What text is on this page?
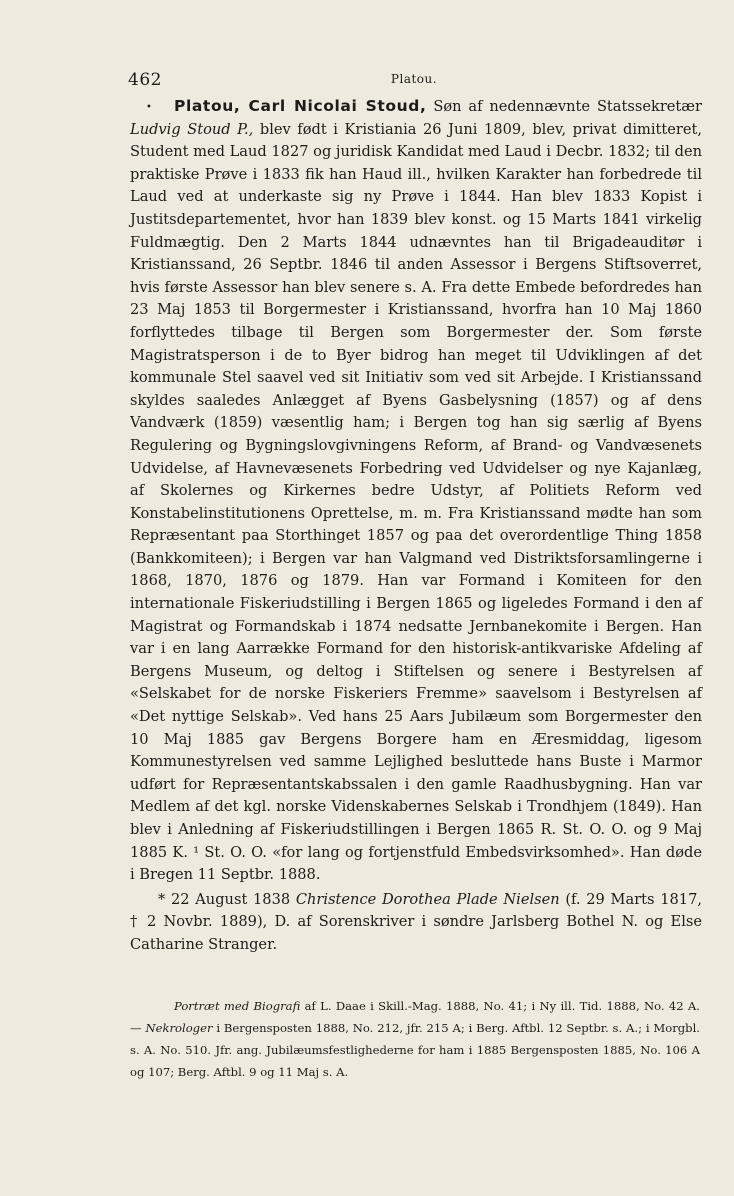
462	Platou.
•	Platou, Carl Nicolai Stoud, Søn af nedennævnte Statssekretær Ludvig Stoud P., blev født i Kristiania 26 Juni 1809, blev, privat dimitteret, Student med Laud 1827 og juridisk Kandidat med Laud i Decbr. 1832; til den praktiske Prøve i 1833 fik han Haud ill., hvilken Karakter han forbedrede til Laud ved at underkaste sig ny Prøve i 1844. Han blev 1833 Kopist i Justitsdepartementet, hvor han 1839 blev konst. og 15 Marts 1841 virkelig Fuldmægtig. Den 2 Marts 1844 udnævntes han til Brigadeauditør i Kristianssand, 26 Septbr. 1846 til anden Assessor i Bergens Stiftsoverret, hvis første Assessor han blev senere s. A. Fra dette Embede befordredes han 23 Maj 1853 til Borgermester i Kristianssand, hvorfra han 10 Maj 1860 forflyttedes tilbage til Bergen som Borgermester der. Som første Magistratsperson i de to Byer bidrog han meget til Udviklingen af det kommunale Stel saavel ved sit Initiativ som ved sit Arbejde. I Kristianssand skyldes saaledes Anlægget af Byens Gasbelysning (1857) og af dens Vandværk (1859) væsentlig ham; i Bergen tog han sig særlig af Byens Regulering og Bygningslovgivningens Reform, af Brand- og Vandvæsenets Udvidelse, af Havnevæsenets Forbedring ved Udvidelser og nye Kajanlæg, af Skolernes og Kirkernes bedre Udstyr, af Politiets Reform ved Konstabelinstitutionens Oprettelse, m. m. Fra Kristianssand mødte han som Repræsentant paa Storthinget 1857 og paa det overordentlige Thing 1858 (Bankkomiteen); i Bergen var han Valgmand ved Distriktsforsamlingerne i 1868, 1870, 1876 og 1879. Han var Formand i Komiteen for den internationale Fiskeriudstilling i Bergen 1865 og ligeledes Formand i den af Magistrat og Formandskab i 1874 nedsatte Jernbanekomite i Bergen. Han var i en lang Aarrække Formand for den historisk-antikvariske Afdeling af Bergens Museum, og deltog i Stiftelsen og senere i Bestyrelsen af «Selskabet for de norske Fiskeriers Fremme» saavelsom i Bestyrelsen af «Det nyttige Selskab». Ved hans 25 Aars Jubilæum som Borgermester den 10 Maj 1885 gav Bergens Borgere ham en Æresmiddag, ligesom Kommunestyrelsen ved samme Lejlighed besluttede hans Buste i Marmor udført for Repræsentantskabssalen i den gamle Raadhusbygning. Han var Medlem af det kgl. norske Videnskabernes Selskab i Trondhjem (1849). Han blev i Anledning af Fiskeriudstillingen i Bergen 1865 R. St. O. O. og 9 Maj 1885 K. ¹ St. O. O. «for lang og fortjenstfuld Embedsvirksomhed». Han døde i Bregen 11 Septbr. 1888.

* 22 August 1838 Christence Dorothea Plade Nielsen (f. 29 Marts 1817, † 2 Novbr. 1889), D. af Sorenskriver i søndre Jarlsberg Bothel N. og Else Catharine Stranger.

Portræt med Biografi af L. Daae i Skill.-Mag. 1888, No. 41; i Ny ill. Tid. 1888, No. 42 A. — Nekrologer i Bergensposten 1888, No. 212, jfr. 215 A; i Berg. Aftbl. 12 Septbr. s. A.; i Morgbl. s. A. No. 510. Jfr. ang. Jubilæumsfestlighederne for ham i 1885 Bergensposten 1885, No. 106 A og 107; Berg. Aftbl. 9 og 11 Maj s. A.
